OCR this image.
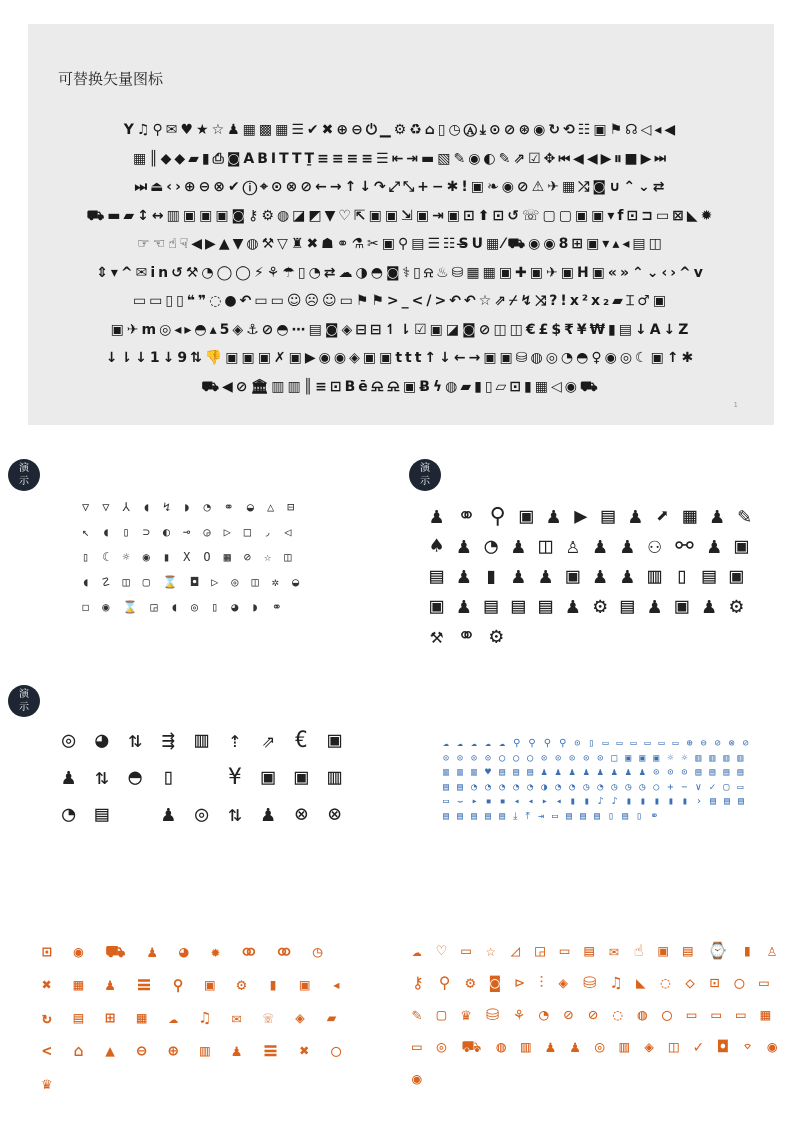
可替换矢量图标
Y♫⚲✉♥★☆♟▦▩▦☰✔✖⊕⊖⏻▁⚙♻⌂▯◷Ⓐ⤓⊙⊘⊛◉↻⟲☷▣⚑☊◁◂◀
▦║◆◆▰▮⎙◙ABITTṮ≡≡≡≡☰⇤⇥▬▧✎◉◐✎⇗☑✥⏮◀◀▶⏸■▶⏭
⏭⏏‹›⊕⊖⊗✔ⓘ⌖⊙⊗⊘←→↑↓↷⤢⤡+−✱!▣❧◉⊘⚠✈▦⤮◙∪⌃⌄⇄
⛟▬▰↕↔▥▣▣▣◙⚷⚙◍◪◩▼♡⇱▣▣⇲▣⇥▣⊡⬆⊡↺☏▢▢▣▣▾f⊡⊐▭⊠◣✹
☞☜☝☟◀▶▲▼◍⚒▽♜✖☗⚭⚗✂▣⚲▤☰☷S̶U▦⁄⛟◉◉8⊞▣▾▴◂▤◫
⇕▾^✉in↺⚒◔◯◯⚡⚘☂▯◔⇄☁◑◓◙⚕▯⍾♨⛁▦▦▣✚▣✈▣H▣«»⌃⌄‹›^v
▭▭▯▯❝❞◌●↶▭▭☺☹☺▭⚑⚑>_</>↶↶☆⇗⌿↯⤨?!x²x₂▰⌶♂▣
▣✈m◎◂▸◓▴5◈⚓⊘◓⋯▤◙◈⊟⊟↿⇂☑▣◪◙⊘◫◫€£$₹¥₩▮▤↓A↓Z
↓⇂↓1↓9⇅👎▣▣▣✗▣▶◉◉◈▣▣ttt↑↓←→▣▣⛁◍◎◔◓♀◉◎☾▣↑✱
⛟◀⊘🏛▥▥║≡⊡Bē⍾⍾▣Ƀϟ◍▰▮▯▱⊡▮▦◁◉⛟
1
演示
演示
演示
▽▽⅄◖↯◗◔⚭◒△⊟↖◖▯⊃◐⊸◶▷□◞◁▯☾☼◉▮XO▦⊘☆◫◖☡◫▢⌛◘▷◎◫✲◒◻◉⌛◲◖◎▯◕◗⚭
♟⚭⚲▣♟▶▤♟⬈▦♟✎♠♟◔♟◫♙♟♟⚇⚯♟▣▤♟▮♟♟▣♟♟▥▯▤▣▣♟▤▤▤♟⚙▤♟▣♟⚙⚒⚭⚙
◎◕⇅⇶▥⇡⇗€▣♟⇅◓▯ ¥▣▣▥◔▤ ♟◎⇅♟⊗⊗
☁☁☁☁☁⚲⚲⚲⚲⊙▯▭▭▭▭▭▭⊕⊖⊘⊗⊘⊙⊙⊙⊙◯◯◯⊙⊙⊙⊙⊙□▣▣▣☼☼▥▥▥▥▥▥▥♥▤▤▤♟♟♟♟♟♟♟♟⊙⊙⊙▤▤▤▤▤▤◔◔◔◔◔◑◔◔◷◔◷◷◷○+−∨✓▢▭▭⌣▸▪▪◂◂▸◂▮▮♪♪▮▮▮▮▮›▤▤▤▤▤▤▤▤⤓⤒⇥▭▤▤▤▯▤▯⚭
⊡◉⛟♟◕✹⚭⚭◷✖▦♟☰⚲▣⚙▮▣◂↻▤⊞▦☁♫✉☏◈▰<⌂▲⊖⊕▥♟☰✖◯♛
☁♡▭☆◿◲▭▤✉☝▣▤⌚▮♙⚷⚲⚙◙⊳⫶◈⛁♫◣◌◇⊡◯▭✎▢♛⛁⚘◔⊘⊘◌◍◯▭▭▭▦▭◎⛟◍▥♟♟◎▥◈◫✓◘⌔◉◉
